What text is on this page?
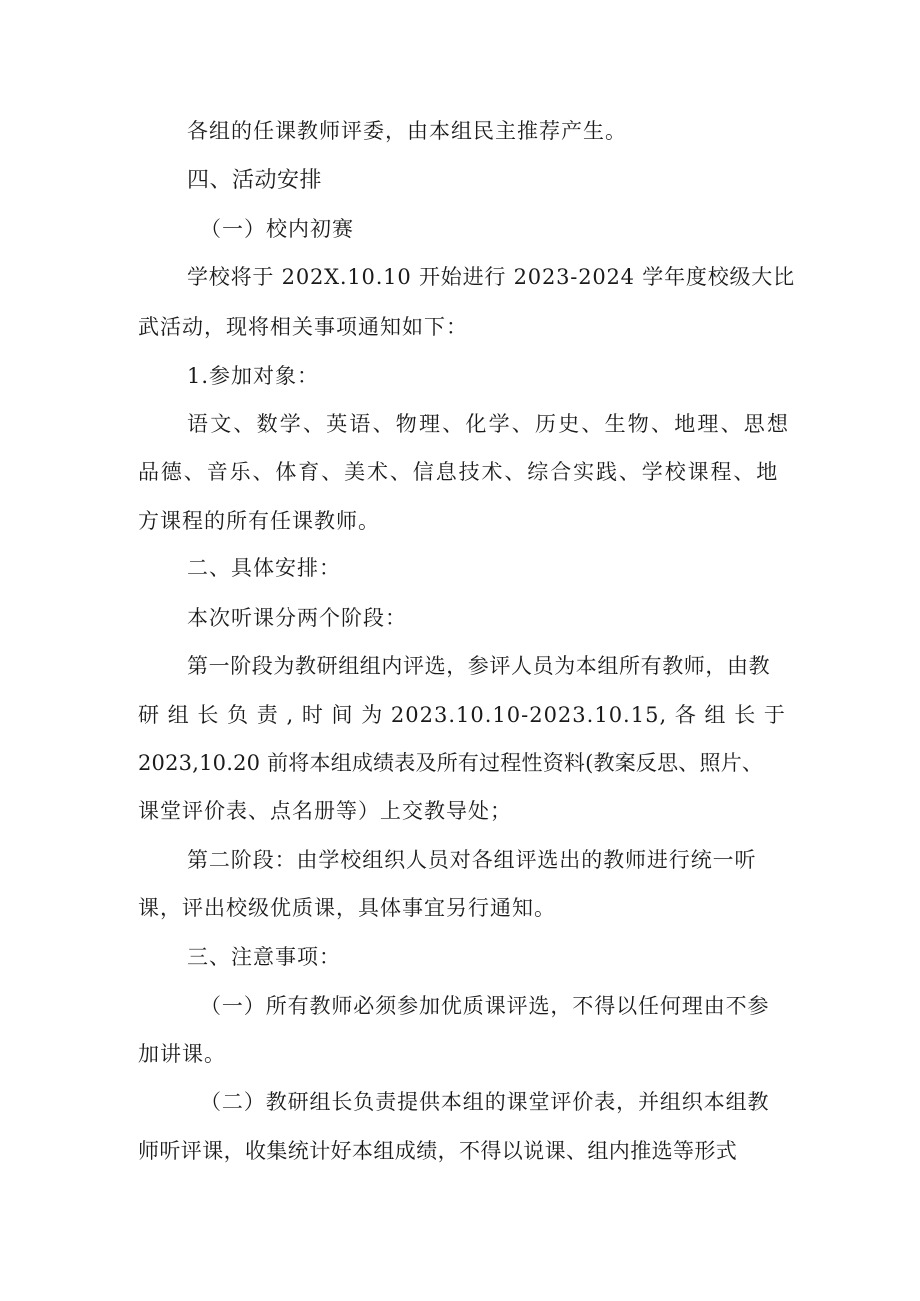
各组的任课教师评委，由本组民主推荐产生。
四、活动安排
（一）校内初赛
学校将于 202X.10.10 开始进行 2023-2024 学年度校级大比
武活动，现将相关事项通知如下：
1.参加对象：
语文、数学、英语、物理、化学、历史、生物、地理、思想
品德、音乐、体育、美术、信息技术、综合实践、学校课程、地
方课程的所有任课教师。
二、具体安排：
本次听课分两个阶段：
第一阶段为教研组组内评选，参评人员为本组所有教师，由教
研 组 长 负 责 , 时 间 为 2023.10.10-2023.10.15, 各 组 长 于
2023,10.20 前将本组成绩表及所有过程性资料(教案反思、照片、
课堂评价表、点名册等）上交教导处；
第二阶段：由学校组织人员对各组评选出的教师进行统一听
课，评出校级优质课，具体事宜另行通知。
三、注意事项：
（一）所有教师必须参加优质课评选，不得以任何理由不参
加讲课。
（二）教研组长负责提供本组的课堂评价表，并组织本组教
师听评课，收集统计好本组成绩，不得以说课、组内推选等形式
